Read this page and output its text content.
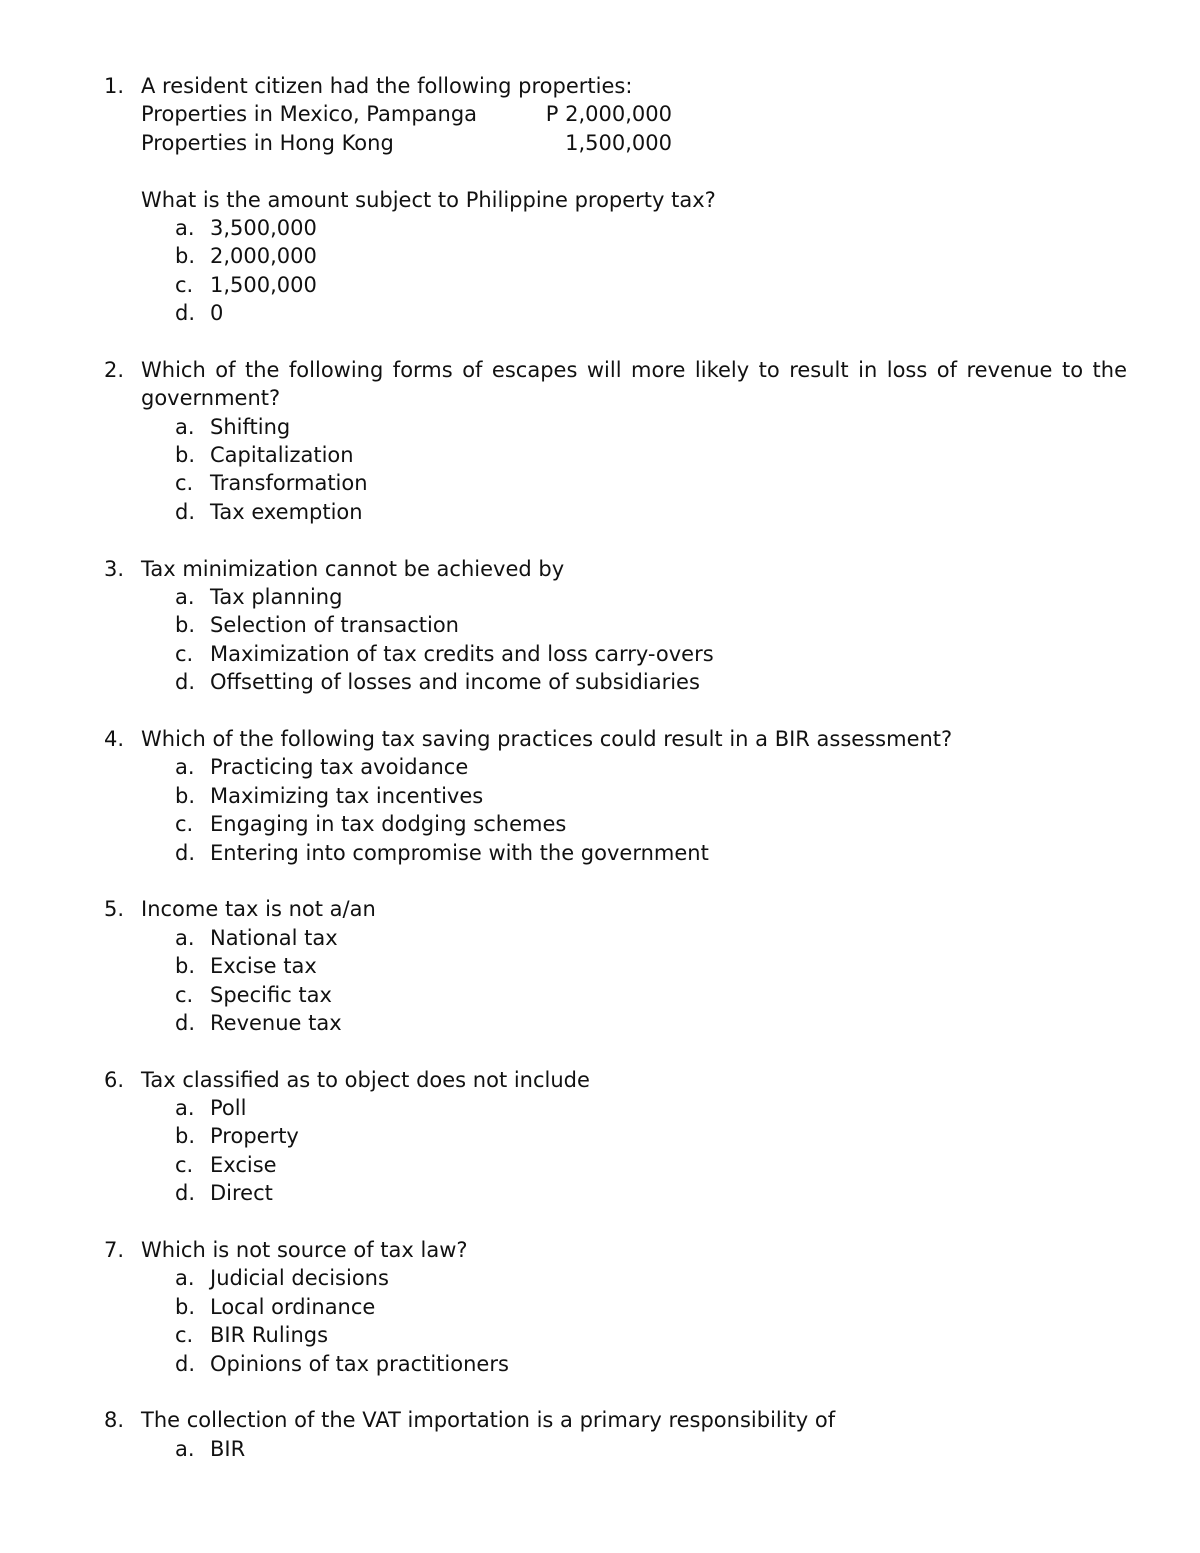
1. A resident citizen had the following properties:
Properties in Mexico, Pampanga	P 2,000,000
Properties in Hong Kong	1,500,000
What is the amount subject to Philippine property tax?
a. 3,500,000
b. 2,000,000
c. 1,500,000
d. 0
2. Which of the following forms of escapes will more likely to result in loss of revenue to the
government?
a. Shifting
b. Capitalization
c. Transformation
d. Tax exemption
3. Tax minimization cannot be achieved by
a. Tax planning
b. Selection of transaction
c. Maximization of tax credits and loss carry-overs
d. Offsetting of losses and income of subsidiaries
4. Which of the following tax saving practices could result in a BIR assessment?
a. Practicing tax avoidance
b. Maximizing tax incentives
c. Engaging in tax dodging schemes
d. Entering into compromise with the government
5. Income tax is not a/an
a. National tax
b. Excise tax
c. Specific tax
d. Revenue tax
6. Tax classified as to object does not include
a. Poll
b. Property
c. Excise
d. Direct
7. Which is not source of tax law?
a. Judicial decisions
b. Local ordinance
c. BIR Rulings
d. Opinions of tax practitioners
8. The collection of the VAT importation is a primary responsibility of
a. BIR
